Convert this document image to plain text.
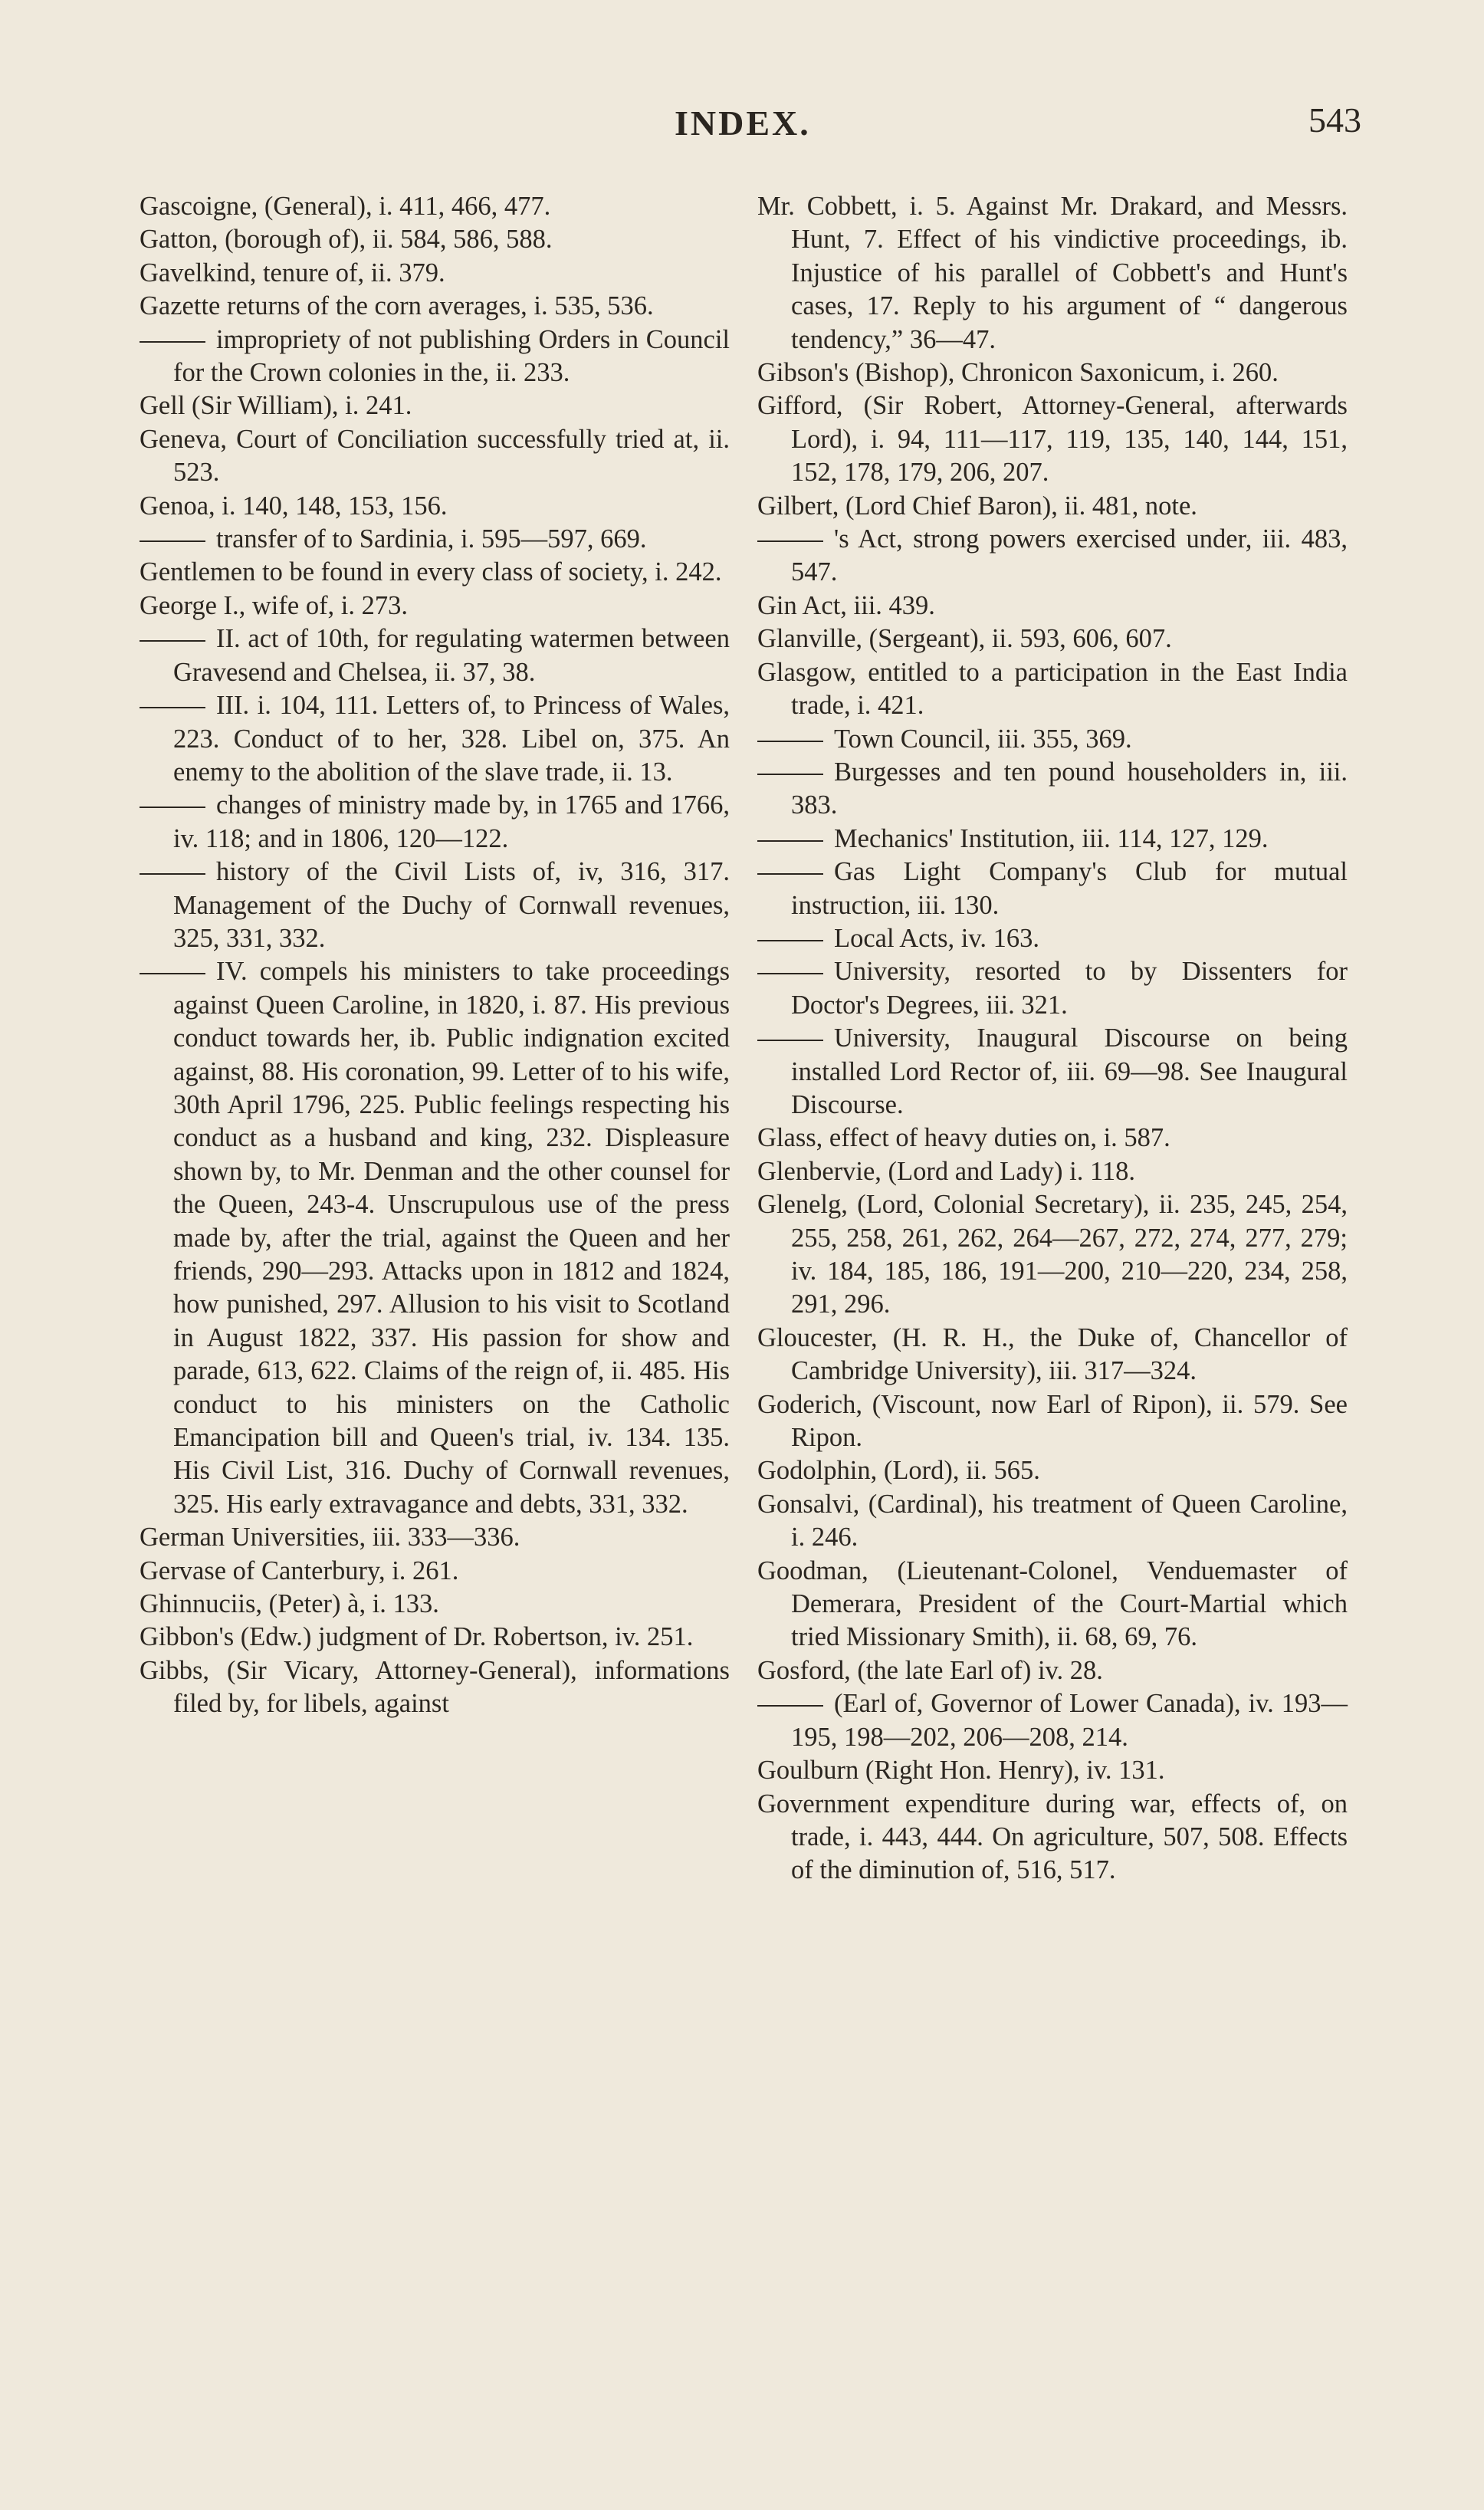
INDEX.	543
Gascoigne, (General), i. 411, 466, 477.
Gatton, (borough of), ii. 584, 586, 588.
Gavelkind, tenure of, ii. 379.
Gazette returns of the corn averages, i. 535, 536.
impropriety of not publishing Orders in Council for the Crown colonies in the, ii. 233.
Gell (Sir William), i. 241.
Geneva, Court of Conciliation successfully tried at, ii. 523.
Genoa, i. 140, 148, 153, 156.
transfer of to Sardinia, i. 595—597, 669.
Gentlemen to be found in every class of society, i. 242.
George I., wife of, i. 273.
II. act of 10th, for regulating watermen between Gravesend and Chelsea, ii. 37, 38.
III. i. 104, 111. Letters of, to Princess of Wales, 223. Conduct of to her, 328. Libel on, 375. An enemy to the abolition of the slave trade, ii. 13.
changes of ministry made by, in 1765 and 1766, iv. 118; and in 1806, 120—122.
history of the Civil Lists of, iv, 316, 317. Management of the Duchy of Cornwall revenues, 325, 331, 332.
IV. compels his ministers to take proceedings against Queen Caroline, in 1820, i. 87. His previous conduct towards her, ib. Public indignation excited against, 88. His coronation, 99. Letter of to his wife, 30th April 1796, 225. Public feelings respecting his conduct as a husband and king, 232. Displeasure shown by, to Mr. Denman and the other counsel for the Queen, 243-4. Unscrupulous use of the press made by, after the trial, against the Queen and her friends, 290—293. Attacks upon in 1812 and 1824, how punished, 297. Allusion to his visit to Scotland in August 1822, 337. His passion for show and parade, 613, 622. Claims of the reign of, ii. 485. His conduct to his ministers on the Catholic Emancipation bill and Queen's trial, iv. 134. 135. His Civil List, 316. Duchy of Cornwall revenues, 325. His early extravagance and debts, 331, 332.
German Universities, iii. 333—336.
Gervase of Canterbury, i. 261.
Ghinnuciis, (Peter) à, i. 133.
Gibbon's (Edw.) judgment of Dr. Robertson, iv. 251.
Gibbs, (Sir Vicary, Attorney-General), informations filed by, for libels, against
Mr. Cobbett, i. 5. Against Mr. Drakard, and Messrs. Hunt, 7. Effect of his vindictive proceedings, ib. Injustice of his parallel of Cobbett's and Hunt's cases, 17. Reply to his argument of “ dangerous tendency,” 36—47.
Gibson's (Bishop), Chronicon Saxonicum, i. 260.
Gifford, (Sir Robert, Attorney-General, afterwards Lord), i. 94, 111—117, 119, 135, 140, 144, 151, 152, 178, 179, 206, 207.
Gilbert, (Lord Chief Baron), ii. 481, note.
's Act, strong powers exercised under, iii. 483, 547.
Gin Act, iii. 439.
Glanville, (Sergeant), ii. 593, 606, 607.
Glasgow, entitled to a participation in the East India trade, i. 421.
Town Council, iii. 355, 369.
Burgesses and ten pound householders in, iii. 383.
Mechanics' Institution, iii. 114, 127, 129.
Gas Light Company's Club for mutual instruction, iii. 130.
Local Acts, iv. 163.
University, resorted to by Dissenters for Doctor's Degrees, iii. 321.
University, Inaugural Discourse on being installed Lord Rector of, iii. 69—98. See Inaugural Discourse.
Glass, effect of heavy duties on, i. 587.
Glenbervie, (Lord and Lady) i. 118.
Glenelg, (Lord, Colonial Secretary), ii. 235, 245, 254, 255, 258, 261, 262, 264—267, 272, 274, 277, 279; iv. 184, 185, 186, 191—200, 210—220, 234, 258, 291, 296.
Gloucester, (H. R. H., the Duke of, Chancellor of Cambridge University), iii. 317—324.
Goderich, (Viscount, now Earl of Ripon), ii. 579. See Ripon.
Godolphin, (Lord), ii. 565.
Gonsalvi, (Cardinal), his treatment of Queen Caroline, i. 246.
Goodman, (Lieutenant-Colonel, Venduemaster of Demerara, President of the Court-Martial which tried Missionary Smith), ii. 68, 69, 76.
Gosford, (the late Earl of) iv. 28.
(Earl of, Governor of Lower Canada), iv. 193—195, 198—202, 206—208, 214.
Goulburn (Right Hon. Henry), iv. 131.
Government expenditure during war, effects of, on trade, i. 443, 444. On agriculture, 507, 508. Effects of the diminution of, 516, 517.
